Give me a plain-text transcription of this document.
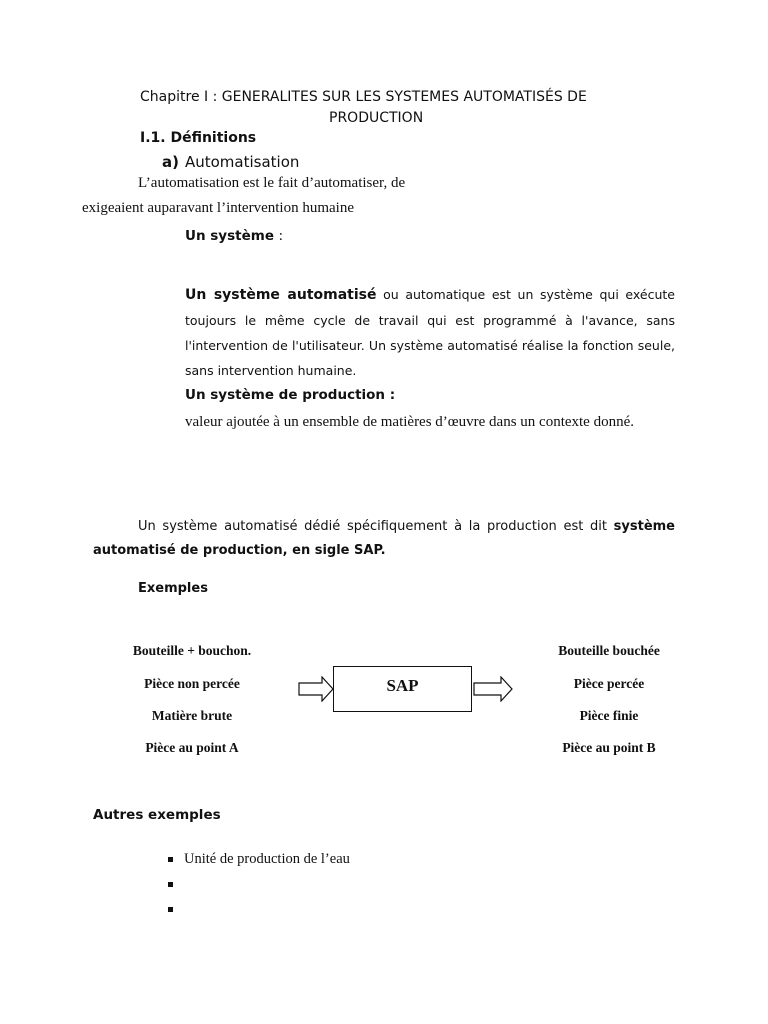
Chapitre I : GENERALITES SUR LES SYSTEMES AUTOMATISÉS DE
PRODUCTION
I.1. Définitions
a) Automatisation
L’automatisation est le fait d’automatiser, de
exigeaient auparavant l’intervention humaine
Un système :
Un système automatisé ou automatique est un système qui exécute toujours le même cycle de travail qui est programmé à l'avance, sans l'intervention de l'utilisateur. Un système automatisé réalise la fonction seule, sans intervention humaine.
Un système de production :
valeur ajoutée à un ensemble de matières d’œuvre dans un contexte donné.
Un système automatisé dédié spécifiquement à la production est dit système automatisé de production, en sigle SAP.
Exemples
Bouteille + bouchon.
Pièce non percée
Matière brute
Pièce au point A
SAP
Bouteille bouchée
Pièce percée
Pièce finie
Pièce au point B
Autres exemples
Unité de production de l’eau
